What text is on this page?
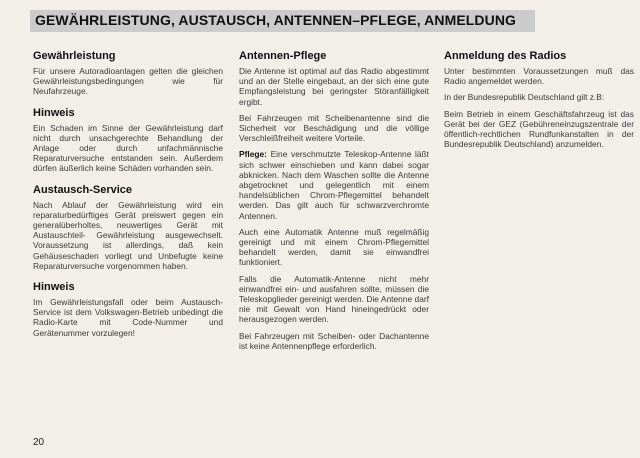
GEWÄHRLEISTUNG, AUSTAUSCH, ANTENNEN–PFLEGE, ANMELDUNG
Gewährleistung

Für unsere Autoradioanlagen gelten die gleichen Gewährleistungsbedingungen wie für Neufahrzeuge.

Hinweis

Ein Schaden im Sinne der Gewährleistung darf nicht durch unsachgerechte Behandlung der Anlage oder durch unfachmännische Reparaturversuche entstanden sein. Außerdem dürfen äußerlich keine Schäden vorhanden sein.

Austausch-Service

Nach Ablauf der Gewährleistung wird ein reparaturbedürftiges Gerät preiswert gegen ein generalüberholtes, neuwertiges Gerät mit Austauschteil- Gewährleistung ausgewechselt. Voraussetzung ist allerdings, daß kein Gehäuseschaden vorliegt und Unbefugte keine Reparaturversuche vorgenommen haben.

Hinweis

Im Gewährleistungsfall oder beim Austausch-Service ist dem Volkswagen-Betrieb unbedingt die Radio-Karte mit Code-Nummer und Gerätenummer vorzulegen!

Antennen-Pflege

Die Antenne ist optimal auf das Radio abgestimmt und an der Stelle eingebaut, an der sich eine gute Empfangsleistung bei geringster Störanfälligkeit ergibt.

Bei Fahrzeugen mit Scheibenantenne sind die Sicherheit vor Beschädigung und die völlige Verschleißfreiheit weitere Vorteile.

Pflege: Eine verschmutzte Teleskop-Antenne läßt sich schwer einschieben und kann dabei sogar abknicken. Nach dem Waschen sollte die Antenne abgetrocknet und gelegentlich mit einem handelsüblichen Chrom-Pflegemittel behandelt werden. Das gilt auch für schwarzverchromte Antennen.

Auch eine Automatik Antenne muß regelmäßig gereinigt und mit einem Chrom-Pflegemittel behandelt werden, damit sie einwandfrei funktioniert.

Falls die Automatik-Antenne nicht mehr einwandfrei ein- und ausfahren sollte, müssen die Teleskopglieder gereinigt werden. Die Antenne darf nie mit Gewalt von Hand hineingedrückt oder herausgezogen werden.

Bei Fahrzeugen mit Scheiben- oder Dachantenne ist keine Antennenpflege erforderlich.

Anmeldung des Radios

Unter bestimmten Voraussetzungen muß das Radio angemeldet werden.

In der Bundesrepublik Deutschland gilt z.B:

Beim Betrieb in einem Geschäftsfahrzeug ist das Gerät bei der GEZ (Gebühreneinzugszentrale der öffentlich-rechtlichen Rundfunkanstalten in der Bundesrepublik Deutschland) anzumelden.

20
